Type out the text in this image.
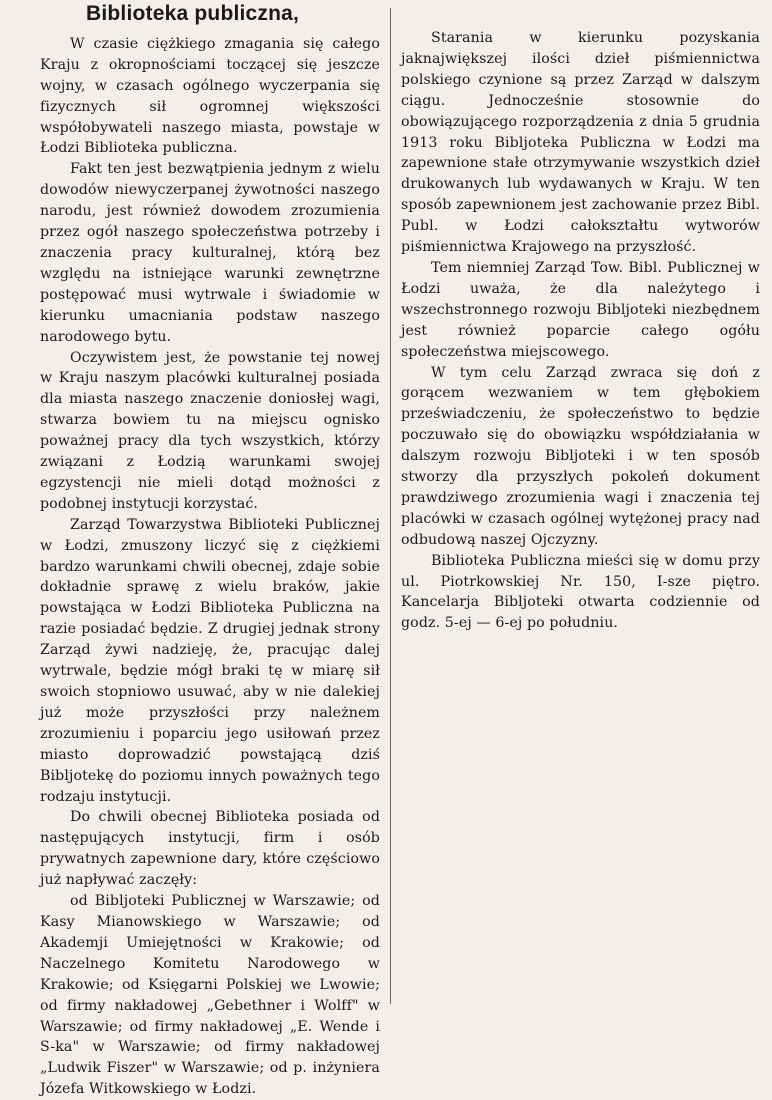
Biblioteka publiczna,

W czasie ciężkiego zmagania się całego Kraju z okropnościami toczącej się jeszcze wojny, w czasach ogólnego wyczerpania się fizycznych sił ogromnej większości współobywateli naszego miasta, powstaje w Łodzi Biblioteka publiczna.

Fakt ten jest bezwątpienia jednym z wielu dowodów niewyczerpanej żywotności naszego narodu, jest również dowodem zrozumienia przez ogół naszego społeczeństwa potrzeby i znaczenia pracy kulturalnej, którą bez względu na istniejące warunki zewnętrzne postępować musi wytrwale i świadomie w kierunku umacniania podstaw naszego narodowego bytu.

Oczywistem jest, że powstanie tej nowej w Kraju naszym placówki kulturalnej posiada dla miasta naszego znaczenie doniosłej wagi, stwarza bowiem tu na miejscu ognisko poważnej pracy dla tych wszystkich, którzy związani z Łodzią warunkami swojej egzystencji nie mieli dotąd możności z podobnej instytucji korzystać.

Zarząd Towarzystwa Biblioteki Publicznej w Łodzi, zmuszony liczyć się z ciężkiemi bardzo warunkami chwili obecnej, zdaje sobie dokładnie sprawę z wielu braków, jakie powstająca w Łodzi Biblioteka Publiczna na razie posiadać będzie. Z drugiej jednak strony Zarząd żywi nadzieję, że, pracując dalej wytrwale, będzie mógł braki tę w miarę sił swoich stopniowo usuwać, aby w nie dalekiej już może przyszłości przy należnem zrozumieniu i poparciu jego usiłowań przez miasto doprowadzić powstającą dziś Bibljotekę do poziomu innych poważnych tego rodzaju instytucji.

Do chwili obecnej Biblioteka posiada od następujących instytucji, firm i osób prywatnych zapewnione dary, które częściowo już napływać zaczęły:

od Bibljoteki Publicznej w Warszawie; od Kasy Mianowskiego w Warszawie; od Akademji Umiejętności w Krakowie; od Naczelnego Komitetu Narodowego w Krakowie; od Księgarni Polskiej we Lwowie; od firmy nakładowej „Gebethner i Wolff" w Warszawie; od firmy nakładowej „E. Wende i S-ka" w Warszawie; od firmy nakładowej „Ludwik Fiszer" w Warszawie; od p. inżyniera Józefa Witkowskiego w Łodzi.

Starania w kierunku pozyskania jaknajwiększej ilości dzieł piśmiennictwa polskiego czynione są przez Zarząd w dalszym ciągu. Jednocześnie stosownie do obowiązującego rozporządzenia z dnia 5 grudnia 1913 roku Bibljoteka Publiczna w Łodzi ma zapewnione stałe otrzymywanie wszystkich dzieł drukowanych lub wydawanych w Kraju. W ten sposób zapewnionem jest zachowanie przez Bibl. Publ. w Łodzi całokształtu wytworów piśmiennictwa Krajowego na przyszłość.

Tem niemniej Zarząd Tow. Bibl. Publicznej w Łodzi uważa, że dla należytego i wszechstronnego rozwoju Bibljoteki niezbędnem jest również poparcie całego ogółu społeczeństwa miejscowego.

W tym celu Zarząd zwraca się doń z gorącem wezwaniem w tem głębokiem przeświadczeniu, że społeczeństwo to będzie poczuwało się do obowiązku współdziałania w dalszym rozwoju Bibljoteki i w ten sposób stworzy dla przyszłych pokoleń dokument prawdziwego zrozumienia wagi i znaczenia tej placówki w czasach ogólnej wytężonej pracy nad odbudową naszej Ojczyzny.

Biblioteka Publiczna mieści się w domu przy ul. Piotrkowskiej Nr. 150, I-sze piętro. Kancelarja Bibljoteki otwarta codziennie od godz. 5-ej — 6-ej po południu.
